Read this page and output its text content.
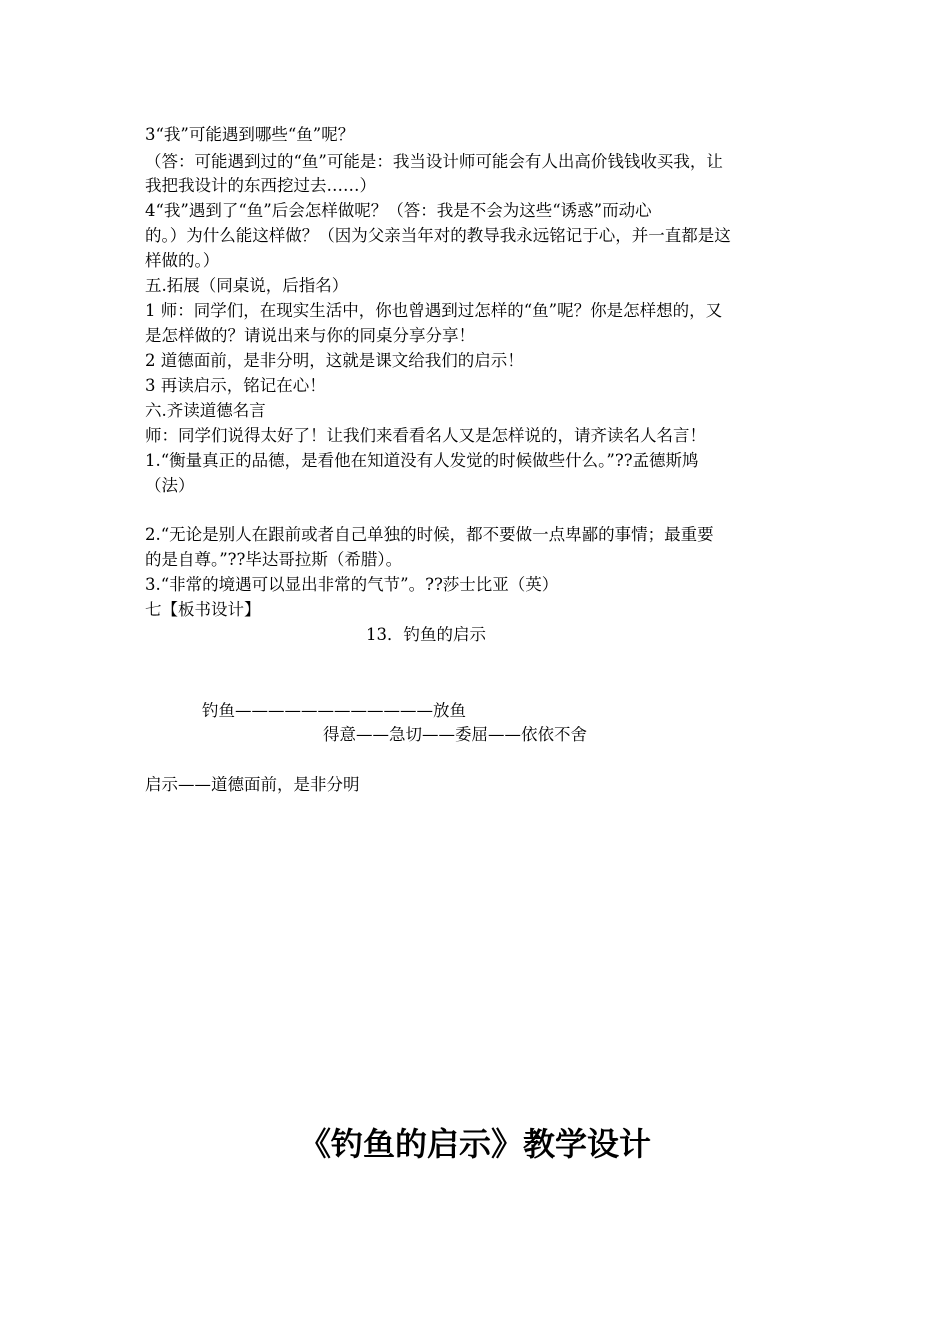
3“我”可能遇到哪些“鱼”呢？
（答：可能遇到过的“鱼”可能是：我当设计师可能会有人出高价钱钱收买我，让
我把我设计的东西挖过去……）
4“我”遇到了“鱼”后会怎样做呢？（答：我是不会为这些“诱惑”而动心
的。）为什么能这样做？（因为父亲当年对的教导我永远铭记于心，并一直都是这
样做的。）
五.拓展（同桌说，后指名）
1 师：同学们，在现实生活中，你也曾遇到过怎样的“鱼”呢？你是怎样想的，又
是怎样做的？请说出来与你的同桌分享分享！
2 道德面前，是非分明，这就是课文给我们的启示！
3 再读启示，铭记在心！
六.齐读道德名言
师：同学们说得太好了！让我们来看看名人又是怎样说的，请齐读名人名言！
1.“衡量真正的品德，是看他在知道没有人发觉的时候做些什么。”??孟德斯鸠
（法）
2.“无论是别人在跟前或者自己单独的时候，都不要做一点卑鄙的事情；最重要
的是自尊。”??毕达哥拉斯（希腊）。
3.“非常的境遇可以显出非常的气节”。??莎士比亚（英）
七【板书设计】
13．钓鱼的启示
钓鱼————————————放鱼
得意——急切——委屈——依依不舍
启示——道德面前，是非分明
《钓鱼的启示》教学设计
